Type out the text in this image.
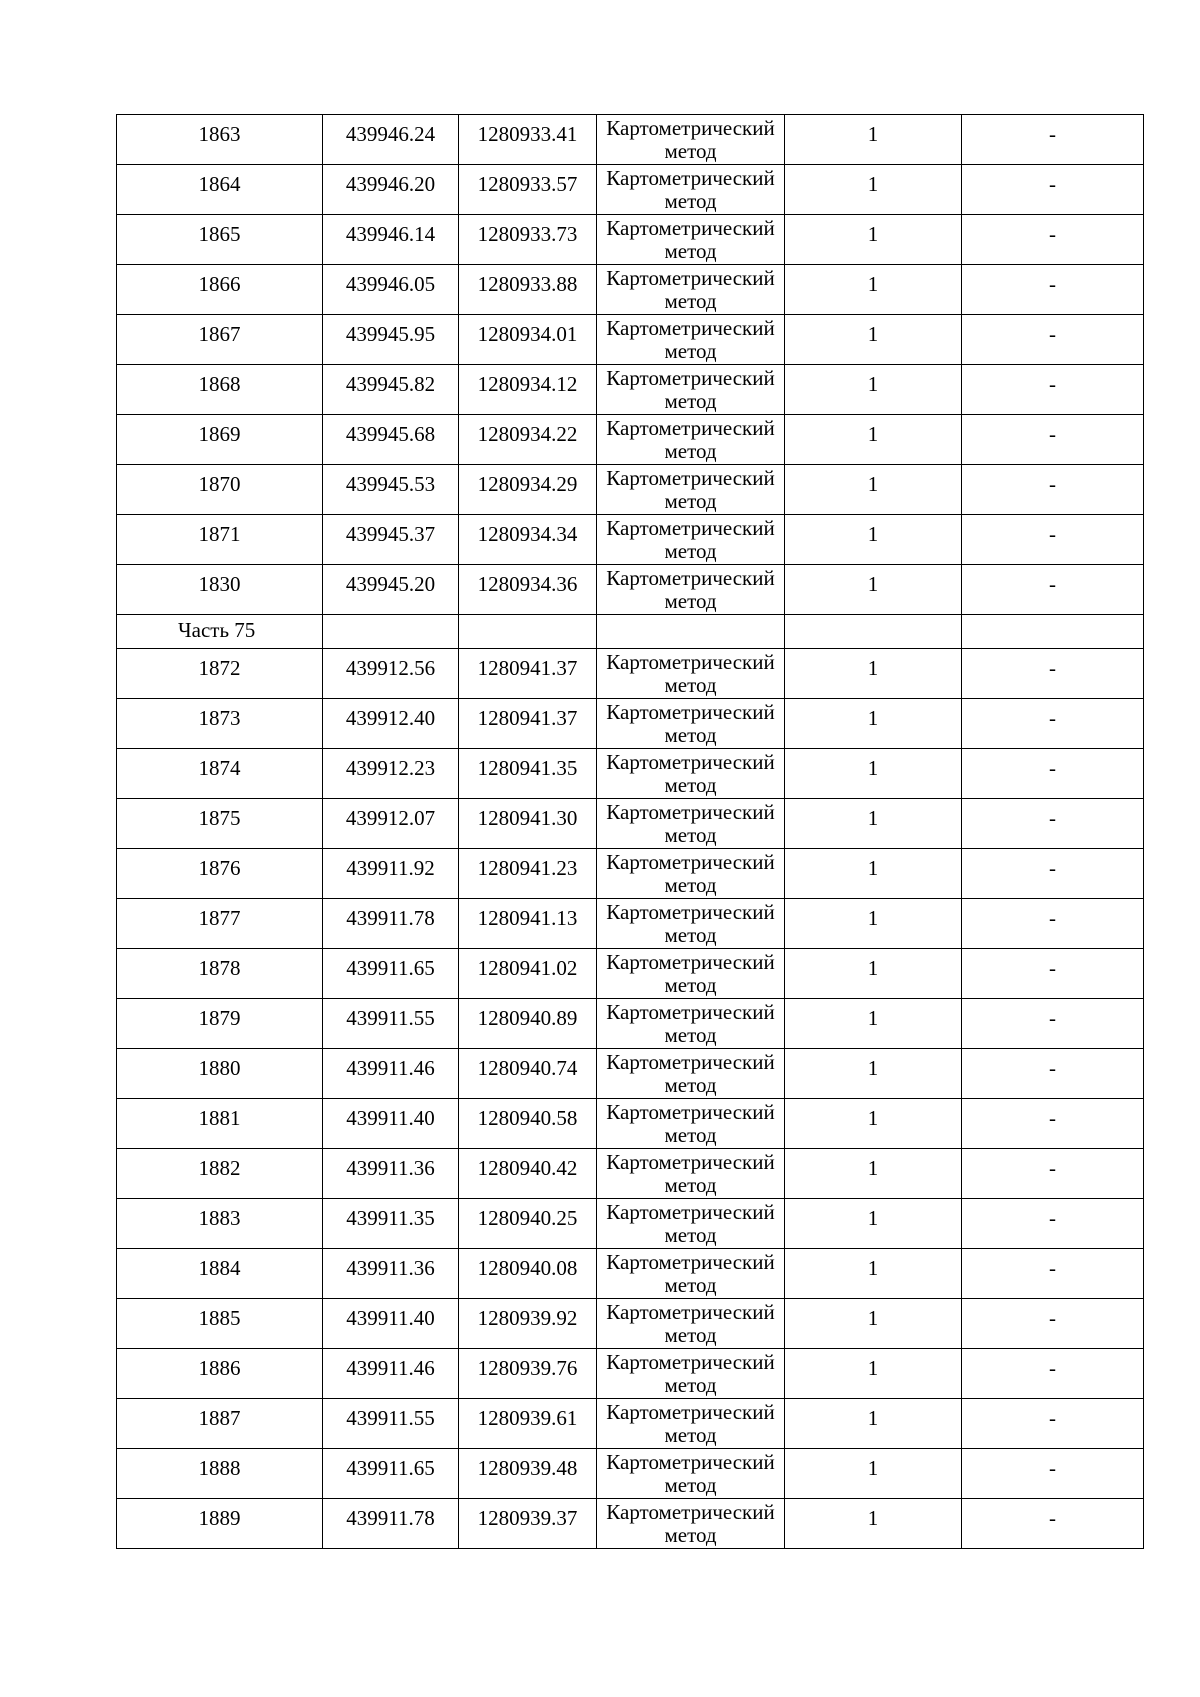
1863	439946.24	1280933.41	Картометрический метод	1	-
1864	439946.20	1280933.57	Картометрический метод	1	-
1865	439946.14	1280933.73	Картометрический метод	1	-
1866	439946.05	1280933.88	Картометрический метод	1	-
1867	439945.95	1280934.01	Картометрический метод	1	-
1868	439945.82	1280934.12	Картометрический метод	1	-
1869	439945.68	1280934.22	Картометрический метод	1	-
1870	439945.53	1280934.29	Картометрический метод	1	-
1871	439945.37	1280934.34	Картометрический метод	1	-
1830	439945.20	1280934.36	Картометрический метод	1	-
Часть 75					
1872	439912.56	1280941.37	Картометрический метод	1	-
1873	439912.40	1280941.37	Картометрический метод	1	-
1874	439912.23	1280941.35	Картометрический метод	1	-
1875	439912.07	1280941.30	Картометрический метод	1	-
1876	439911.92	1280941.23	Картометрический метод	1	-
1877	439911.78	1280941.13	Картометрический метод	1	-
1878	439911.65	1280941.02	Картометрический метод	1	-
1879	439911.55	1280940.89	Картометрический метод	1	-
1880	439911.46	1280940.74	Картометрический метод	1	-
1881	439911.40	1280940.58	Картометрический метод	1	-
1882	439911.36	1280940.42	Картометрический метод	1	-
1883	439911.35	1280940.25	Картометрический метод	1	-
1884	439911.36	1280940.08	Картометрический метод	1	-
1885	439911.40	1280939.92	Картометрический метод	1	-
1886	439911.46	1280939.76	Картометрический метод	1	-
1887	439911.55	1280939.61	Картометрический метод	1	-
1888	439911.65	1280939.48	Картометрический метод	1	-
1889	439911.78	1280939.37	Картометрический метод	1	-
